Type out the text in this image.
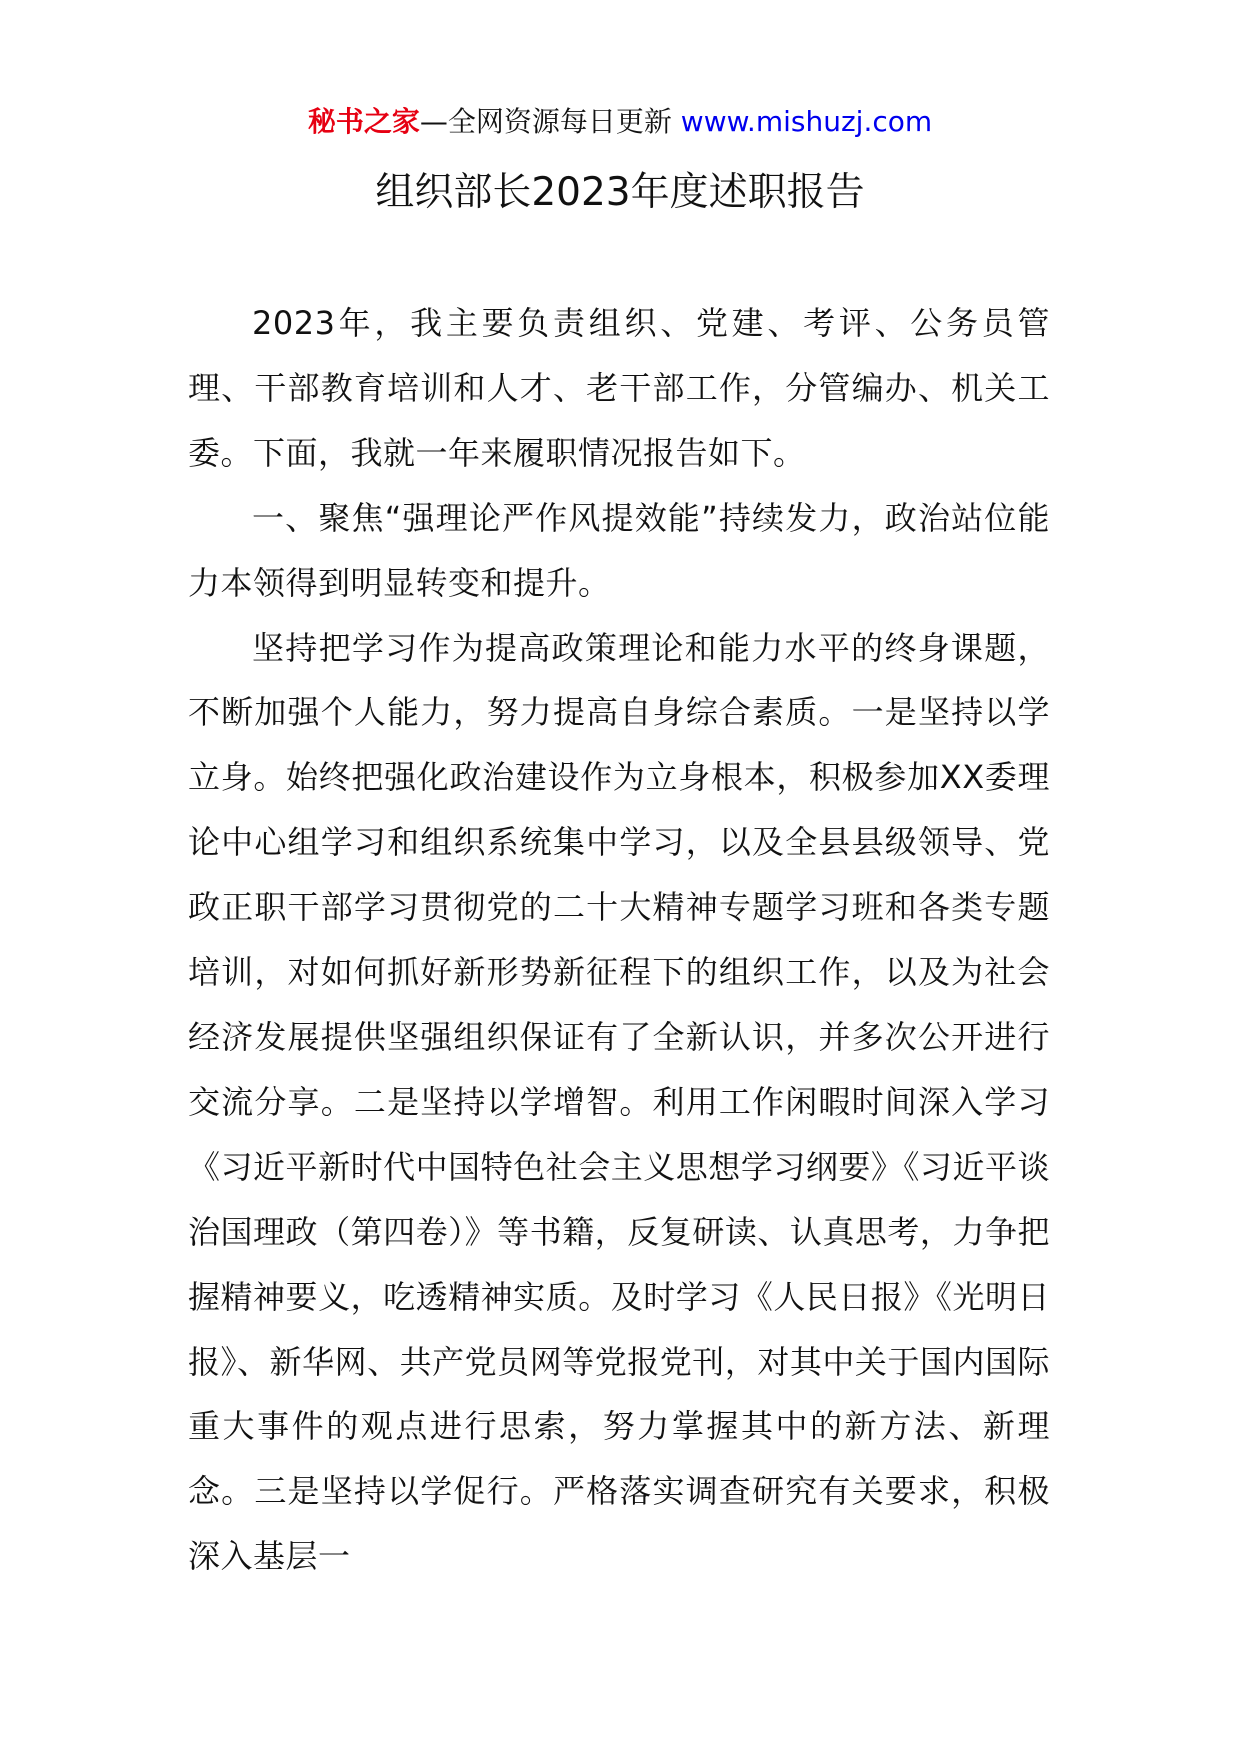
秘书之家—全网资源每日更新 www.mishuzj.com
组织部长2023年度述职报告

2023年，我主要负责组织、党建、考评、公务员管理、干部教育培训和人才、老干部工作，分管编办、机关工委。下面，我就一年来履职情况报告如下。

一、聚焦“强理论严作风提效能”持续发力，政治站位能力本领得到明显转变和提升。

坚持把学习作为提高政策理论和能力水平的终身课题，不断加强个人能力，努力提高自身综合素质。一是坚持以学立身。始终把强化政治建设作为立身根本，积极参加XX委理论中心组学习和组织系统集中学习，以及全县县级领导、党政正职干部学习贯彻党的二十大精神专题学习班和各类专题培训，对如何抓好新形势新征程下的组织工作，以及为社会经济发展提供坚强组织保证有了全新认识，并多次公开进行交流分享。二是坚持以学增智。利用工作闲暇时间深入学习《习近平新时代中国特色社会主义思想学习纲要》《习近平谈治国理政（第四卷）》等书籍，反复研读、认真思考，力争把握精神要义，吃透精神实质。及时学习《人民日报》《光明日报》、新华网、共产党员网等党报党刊，对其中关于国内国际重大事件的观点进行思索，努力掌握其中的新方法、新理念。三是坚持以学促行。严格落实调查研究有关要求，积极深入基层一
